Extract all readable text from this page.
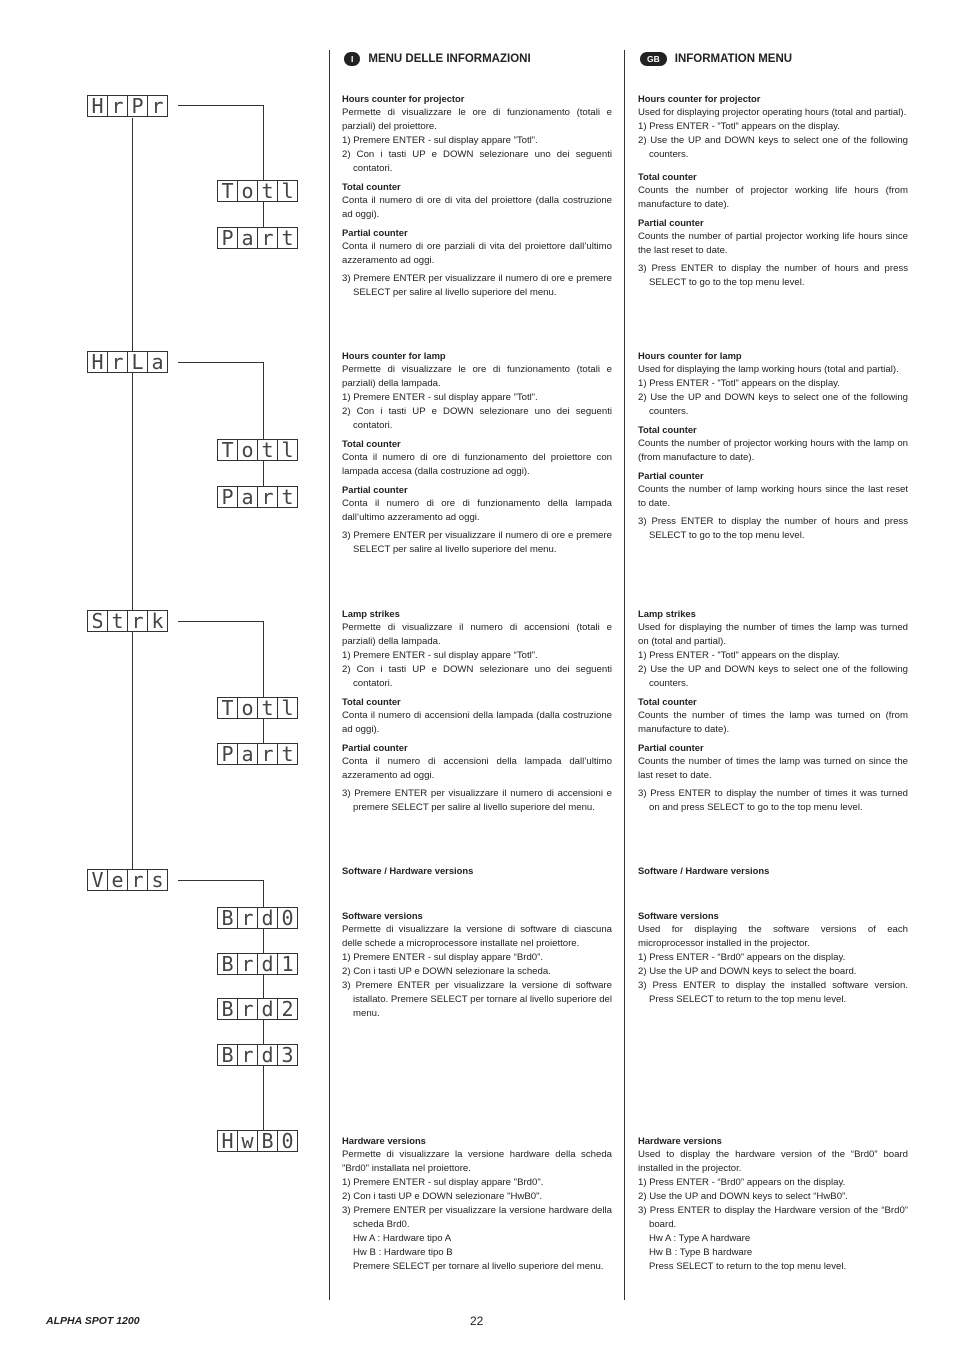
H r P r
T o t l
P a r t
H r L a
T o t l
P a r t
S t r k
T o t l
P a r t
V e r s
B r d 0
B r d 1
B r d 2
B r d 3
H w B 0
I	MENU DELLE INFORMAZIONI	GB	INFORMATION MENU

Hours counter for projector

Permette di visualizzare le ore di funzionamento (totali e parziali) del proiettore.

1) Premere ENTER - sul display appare ”Totl”.

2) Con i tasti UP e DOWN selezionare uno dei seguenti contatori.

Total counter

Conta il numero di ore di vita del proiettore (dalla costruzione ad oggi).

Partial counter

Conta il numero di ore parziali di vita del proiettore dall’ultimo azzeramento ad oggi.

3) Premere ENTER per visualizzare il numero di ore e premere SELECT per salire al livello superiore del menu.

Hours counter for lamp

Permette di visualizzare le ore di funzionamento (totali e parziali) della lampada.

1) Premere ENTER - sul display appare ”Totl”.

2) Con i tasti UP e DOWN selezionare uno dei seguenti contatori.

Total counter

Conta il numero di ore di funzionamento del proiettore con lampada accesa (dalla costruzione ad oggi).

Partial counter

Conta il numero di ore di funzionamento della lampada dall’ultimo azzeramento ad oggi.

3) Premere ENTER per visualizzare il numero di ore e premere SELECT per salire al livello superiore del menu.

Lamp strikes

Permette di visualizzare il numero di accensioni (totali e parziali) della lampada.

1) Premere ENTER - sul display appare “Totl”.

2) Con i tasti UP e DOWN selezionare uno dei seguenti contatori.

Total counter

Conta il numero di accensioni della lampada (dalla costruzione ad oggi).

Partial counter

Conta il numero di accensioni della lampada dall’ultimo azzeramento ad oggi.

3) Premere ENTER per visualizzare il numero di accensioni e premere SELECT per salire al livello superiore del menu.

Software / Hardware versions

Software versions

Permette di visualizzare la versione di software di ciascuna delle schede a microprocessore installate nel proiettore.

1) Premere ENTER - sul display appare “Brd0”.

2) Con i tasti UP e DOWN selezionare la scheda.

3) Premere ENTER per visualizzare la versione di software istallato. Premere SELECT per tornare al livello superiore del menu.

Hardware versions

Permette di visualizzare la versione hardware della scheda "Brd0" installata nel proiettore.

1) Premere ENTER - sul display appare "Brd0".

2) Con i tasti UP e DOWN selezionare "HwB0".

3) Premere ENTER per visualizzare la versione hardware della scheda Brd0.

Hw A : Hardware tipo A

Hw B : Hardware tipo B

Premere SELECT per tornare al livello superiore del menu.

Hours counter for projector

Used for displaying projector operating hours (total and partial).

1) Press ENTER - ”Totl” appears on the display.

2) Use the UP and DOWN keys to select one of the following counters.

Total counter

Counts the number of projector working life hours (from manufacture to date).

Partial counter

Counts the number of partial projector working life hours since the last reset to date.

3) Press ENTER to display the number of hours and press SELECT to go to the top menu level.

Hours counter for lamp

Used for displaying the lamp working hours (total and partial).

1) Press ENTER - ”Totl” appears on the display.

2) Use the UP and DOWN keys to select one of the following counters.

Total counter

Counts the number of projector working hours with the lamp on (from manufacture to date).

Partial counter

Counts the number of lamp working hours since the last reset to date.

3) Press ENTER to display the number of hours and press SELECT to go to the top menu level.

Lamp strikes

Used for displaying the number of times the lamp was turned on (total and partial).

1) Press ENTER - ”Totl” appears on the display.

2) Use the UP and DOWN keys to select one of the following counters.

Total counter

Counts the number of times the lamp was turned on (from manufacture to date).

Partial counter

Counts the number of times the lamp was turned on since the last reset to date.

3) Press ENTER to display the number of times it was turned on and press SELECT to go to the top menu level.

Software / Hardware versions

Software versions

Used for displaying the software versions of each microprocessor installed in the projector.

1) Press ENTER - “Brd0” appears on the display.

2) Use the UP and DOWN keys to select the board.

3) Press ENTER to display the installed software version. Press SELECT to return to the top menu level.

Hardware versions

Used to display the hardware version of the “Brd0” board installed in the projector.

1) Press ENTER - “Brd0” appears on the display.

2) Use the UP and DOWN keys to select “HwB0”.

3) Press ENTER to display the Hardware version of the “Brd0” board.

Hw A : Type A hardware

Hw B : Type B hardware

Press SELECT to return to the top menu level.

ALPHA SPOT 1200	22
